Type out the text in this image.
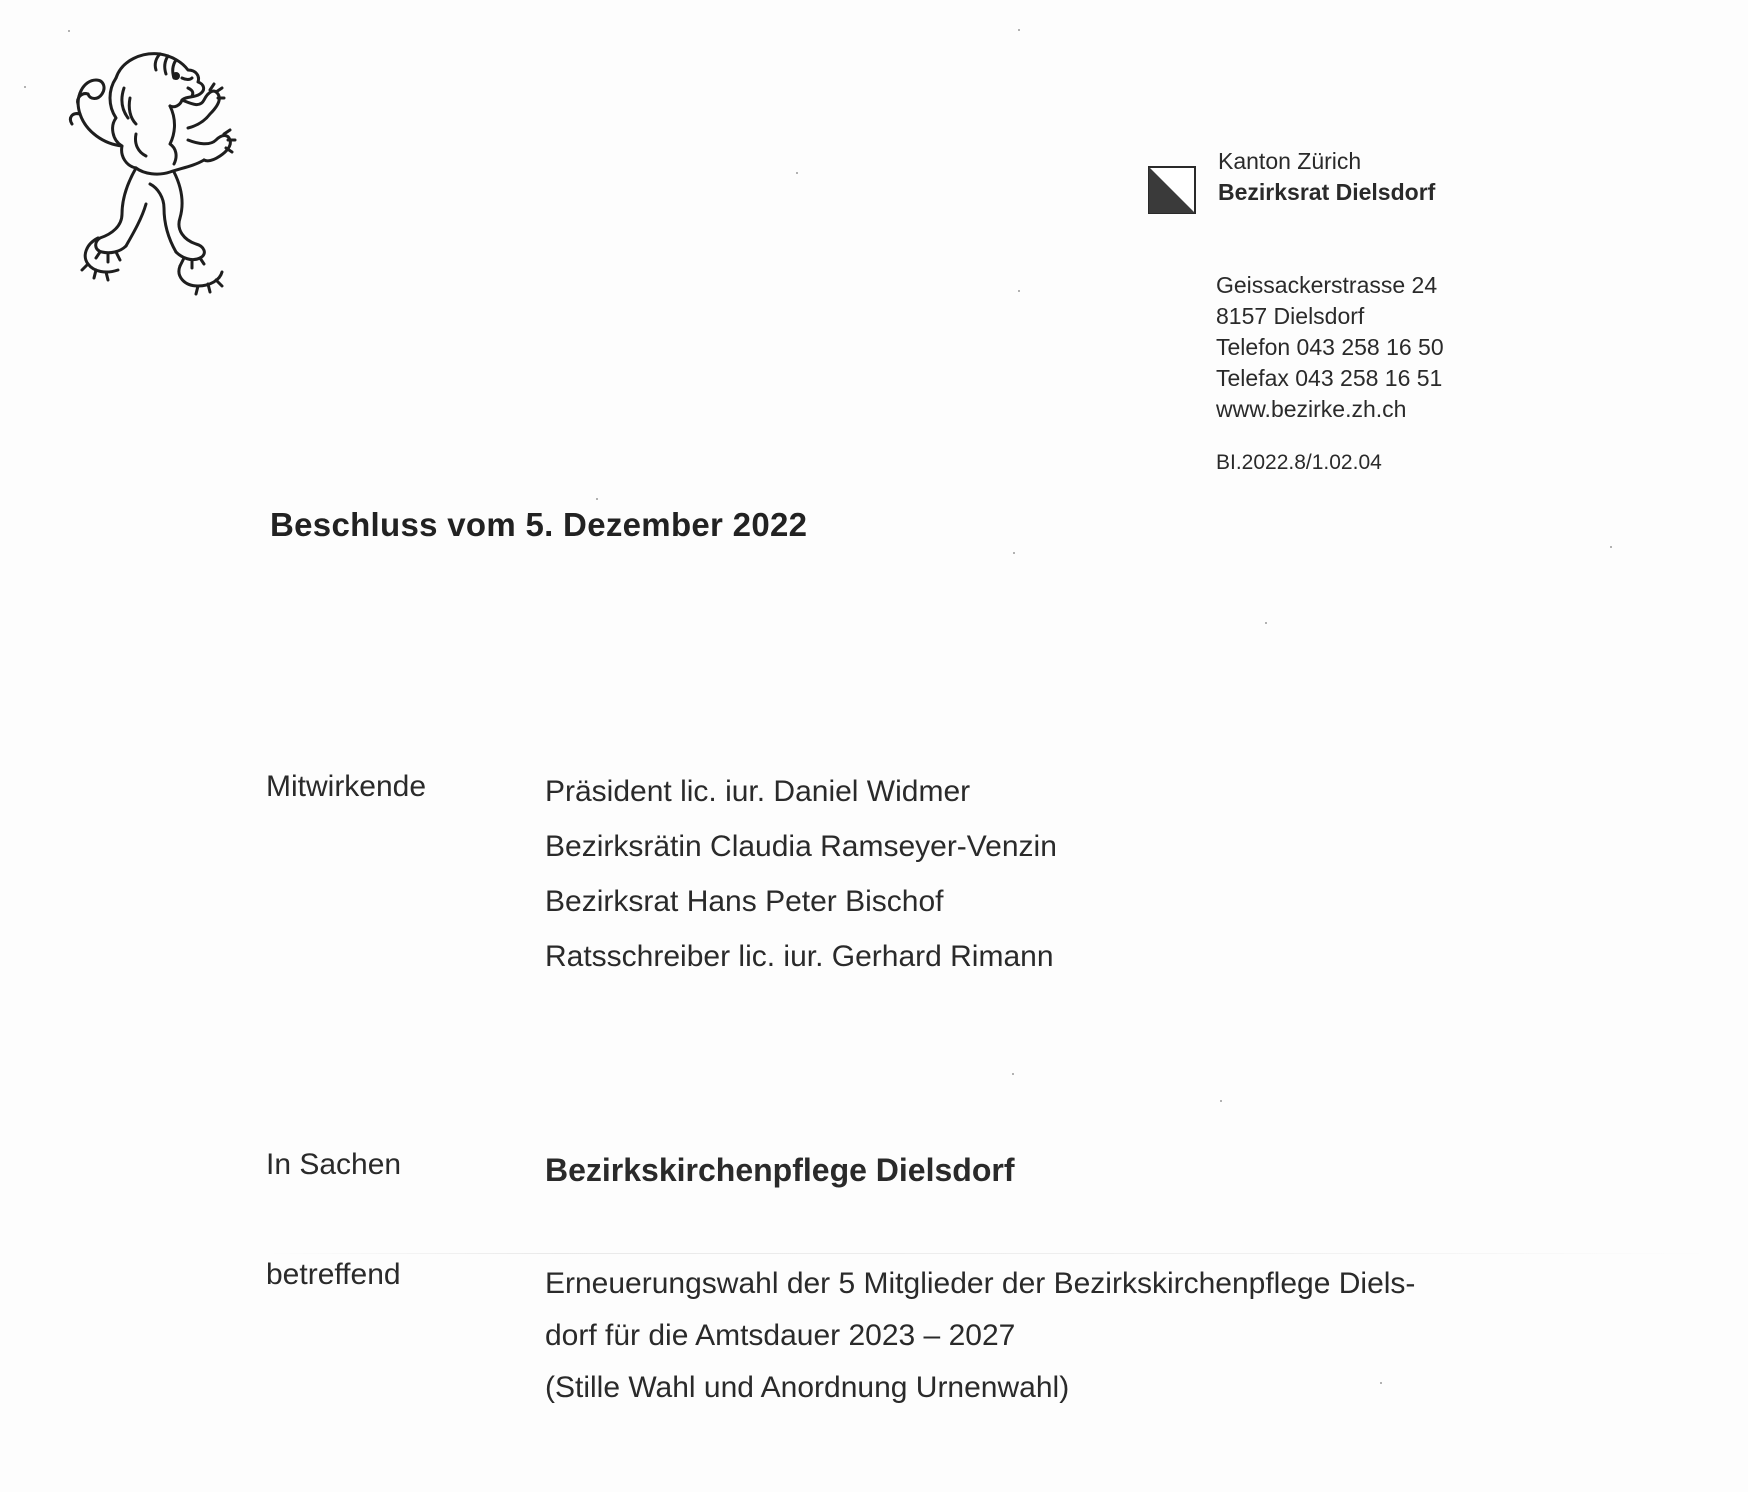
Kanton Zürich
Bezirksrat Dielsdorf
Geissackerstrasse 24
8157 Dielsdorf
Telefon 043 258 16 50
Telefax 043 258 16 51
www.bezirke.zh.ch
BI.2022.8/1.02.04
Beschluss vom 5. Dezember 2022
Mitwirkende	Präsident lic. iur. Daniel Widmer
Bezirksrätin Claudia Ramseyer-Venzin
Bezirksrat Hans Peter Bischof
Ratsschreiber lic. iur. Gerhard Rimann
In Sachen	Bezirkskirchenpflege Dielsdorf
betreffend	Erneuerungswahl der 5 Mitglieder der Bezirkskirchenpflege Diels-
dorf für die Amtsdauer 2023 – 2027
(Stille Wahl und Anordnung Urnenwahl)
